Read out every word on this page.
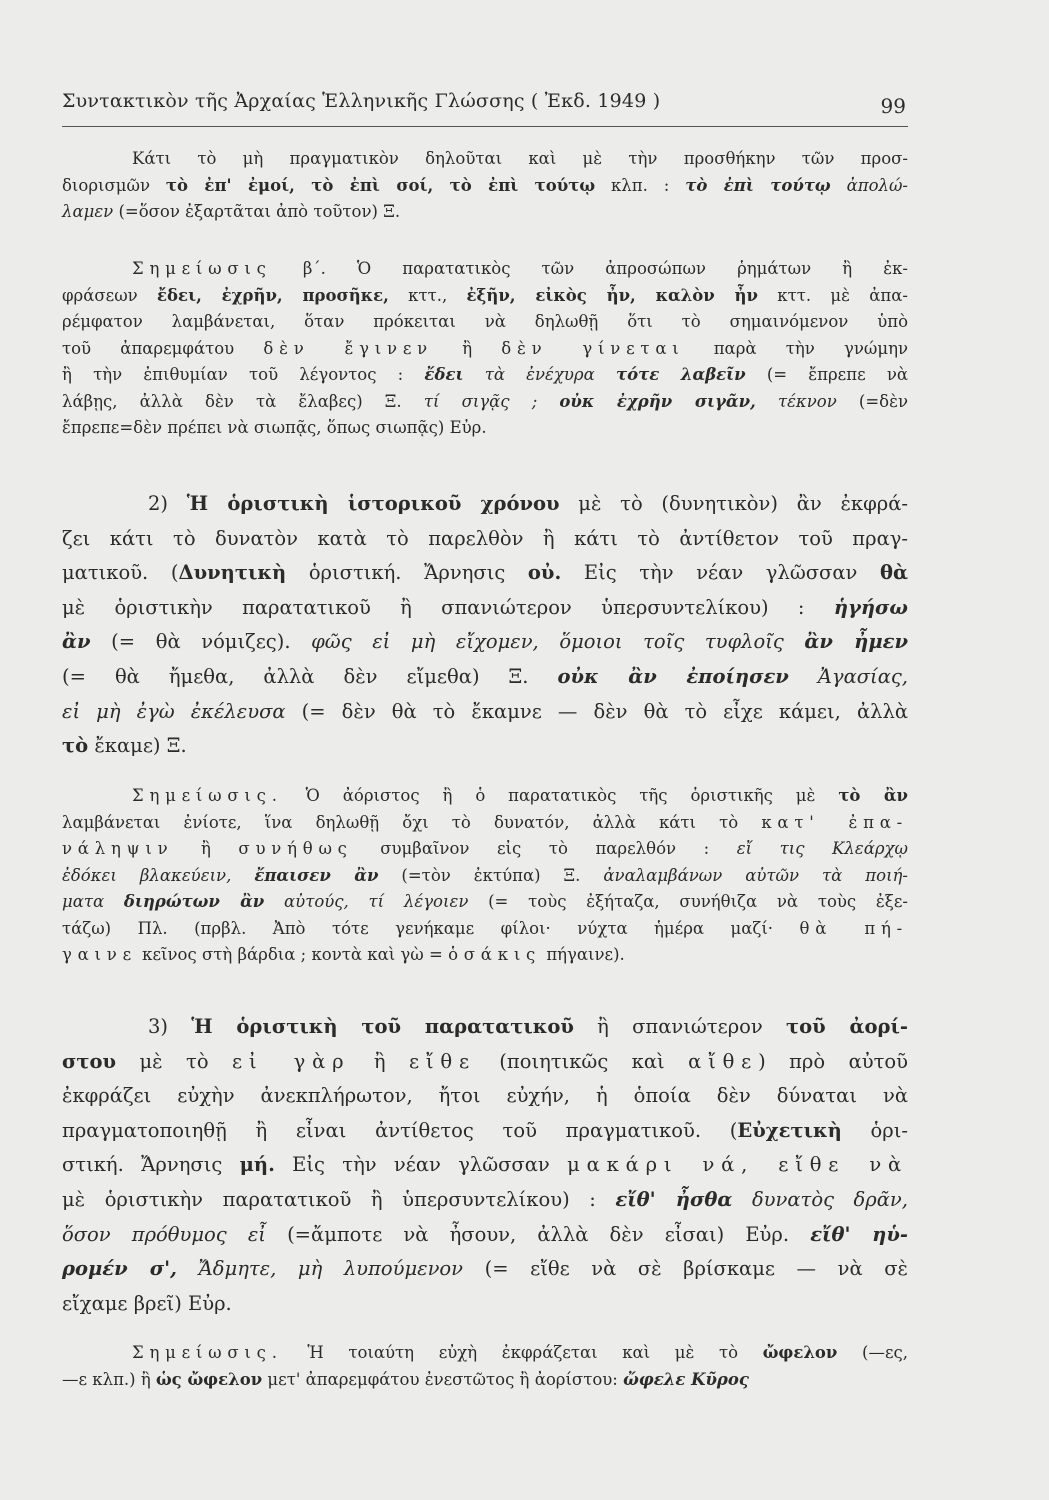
Συντακτικὸν τῆς Ἀρχαίας Ἑλληνικῆς Γλώσσης ( Ἐκδ. 1949 )	99

Κάτι τὸ μὴ πραγματικὸν δηλοῦται καὶ μὲ τὴν προσθήκην τῶν προσ-
διορισμῶν τὸ ἐπ' ἐμοί, τὸ ἐπὶ σοί, τὸ ἐπὶ τούτῳ κλπ. : τὸ ἐπὶ τούτῳ ἀπολώ-
λαμεν (=ὅσον ἐξαρτᾶται ἀπὸ τοῦτον) Ξ.

Σημείωσις β΄. Ὁ παρατατικὸς τῶν ἀπροσώπων ῥημάτων ἢ ἐκ-
φράσεων ἔδει, ἐχρῆν, προσῆκε, κττ., ἐξῆν, εἰκὸς ἦν, καλὸν ἦν κττ. μὲ ἀπα-
ρέμφατον λαμβάνεται, ὅταν πρόκειται νὰ δηλωθῇ ὅτι τὸ σημαινόμενον ὑπὸ
τοῦ ἀπαρεμφάτου δὲν ἔγινεν ἢ δὲν γίνεται παρὰ τὴν γνώμην
ἢ τὴν ἐπιθυμίαν τοῦ λέγοντος : ἔδει τὰ ἐνέχυρα τότε λαβεῖν (= ἔπρεπε νὰ
λάβῃς, ἀλλὰ δὲν τὰ ἔλαβες) Ξ. τί σιγᾷς ; οὐκ ἐχρῆν σιγᾶν, τέκνον (=δὲν
ἔπρεπε=δὲν πρέπει νὰ σιωπᾷς, ὅπως σιωπᾷς) Εὐρ.

2) Ἡ ὁριστικὴ ἱστορικοῦ χρόνου μὲ τὸ (δυνητικὸν) ἂν ἐκφρά-
ζει κάτι τὸ δυνατὸν κατὰ τὸ παρελθὸν ἢ κάτι τὸ ἀντίθετον τοῦ πραγ-
ματικοῦ. (Δυνητικὴ ὁριστική. Ἄρνησις οὐ. Εἰς τὴν νέαν γλῶσσαν θὰ
μὲ ὁριστικὴν παρατατικοῦ ἢ σπανιώτερον ὑπερσυντελίκου) : ἡγήσω
ἂν (= θὰ νόμιζες). φῶς εἰ μὴ εἴχομεν, ὅμοιοι τοῖς τυφλοῖς ἂν ἦμεν
(= θὰ ἤμεθα, ἀλλὰ δὲν εἴμεθα) Ξ. οὐκ ἂν ἐποίησεν Ἀγασίας,
εἰ μὴ ἐγὼ ἐκέλευσα (= δὲν θὰ τὸ ἔκαμνε — δὲν θὰ τὸ εἶχε κάμει, ἀλλὰ
τὸ ἔκαμε) Ξ.

Σημείωσις. Ὁ ἀόριστος ἢ ὁ παρατατικὸς τῆς ὁριστικῆς μὲ τὸ ἂν
λαμβάνεται ἐνίοτε, ἵνα δηλωθῇ ὄχι τὸ δυνατόν, ἀλλὰ κάτι τὸ κατ' ἐπα-
νάληψιν ἢ συνήθως συμβαῖνον εἰς τὸ παρελθόν : εἴ τις Κλεάρχῳ
ἐδόκει βλακεύειν, ἔπαισεν ἂν (=τὸν ἐκτύπα) Ξ. ἀναλαμβάνων αὐτῶν τὰ ποιή-
ματα διηρώτων ἂν αὐτούς, τί λέγοιεν (= τοὺς ἐξήταζα, συνήθιζα νὰ τοὺς ἐξε-
τάζω) Πλ. (πρβλ. Ἀπὸ τότε γενήκαμε φίλοι· νύχτα ἡμέρα μαζί· θὰ πή-
γαινε κεῖνος στὴ βάρδια ; κοντὰ καὶ γὼ = ὁσάκις πήγαινε).

3) Ἡ ὁριστικὴ τοῦ παρατατικοῦ ἢ σπανιώτερον τοῦ ἀορί-
στου μὲ τὸ εἰ γὰρ ἢ εἴθε (ποιητικῶς καὶ αἴθε) πρὸ αὐτοῦ
ἐκφράζει εὐχὴν ἀνεκπλήρωτον, ἤτοι εὐχήν, ἡ ὁποία δὲν δύναται νὰ
πραγματοποιηθῇ ἢ εἶναι ἀντίθετος τοῦ πραγματικοῦ. (Εὐχετικὴ ὁρι-
στική. Ἄρνησις μή. Εἰς τὴν νέαν γλῶσσαν μακάρι νά, εἴθε νὰ
μὲ ὁριστικὴν παρατατικοῦ ἢ ὑπερσυντελίκου) : εἴθ' ἦσθα δυνατὸς δρᾶν,
ὅσον πρόθυμος εἶ (=ἄμποτε νὰ ἦσουν, ἀλλὰ δὲν εἶσαι) Εὐρ. εἴθ' ηὑ-
ρομέν σ', Ἄδμητε, μὴ λυπούμενον (= εἴθε νὰ σὲ βρίσκαμε — νὰ σὲ
εἴχαμε βρεῖ) Εὐρ.

Σημείωσις. Ἡ τοιαύτη εὐχὴ ἐκφράζεται καὶ μὲ τὸ ὤφελον (—ες,
—ε κλπ.) ἢ ὡς ὤφελον μετ' ἀπαρεμφάτου ἐνεστῶτος ἢ ἀορίστου: ὤφελε Κῦρος
